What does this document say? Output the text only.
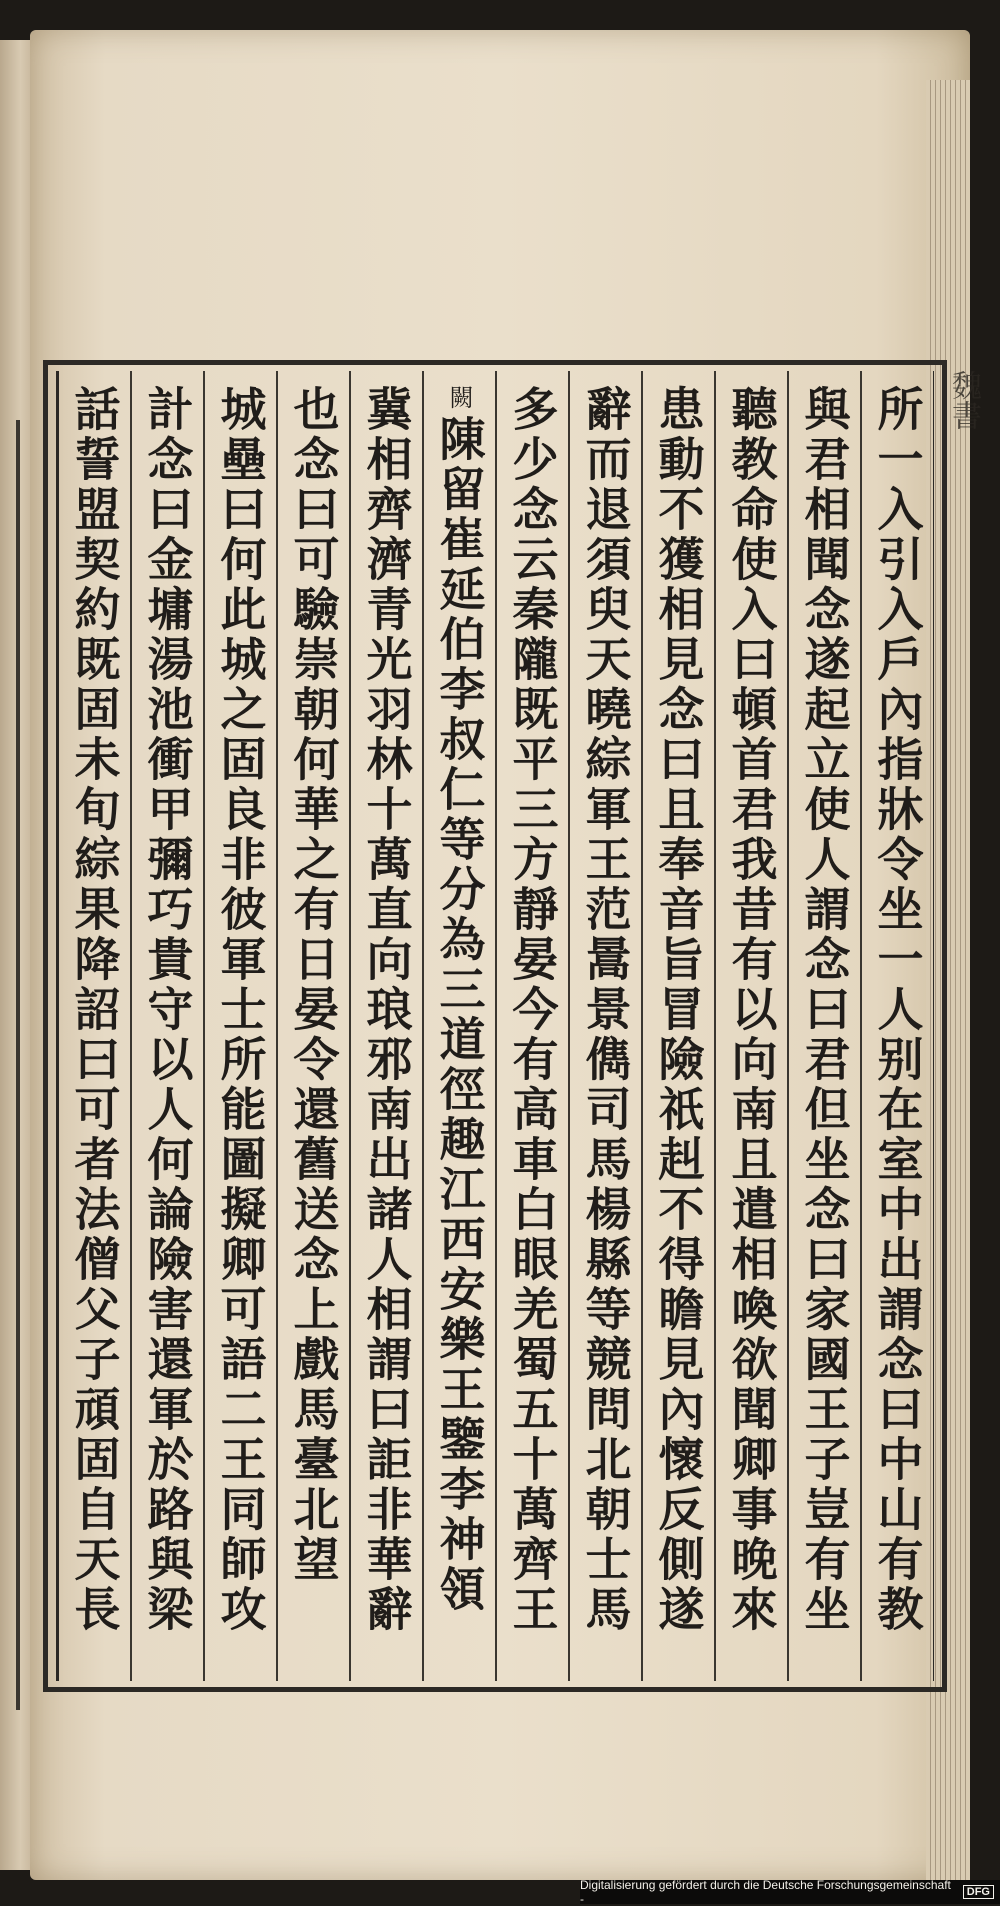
魏書
所一入引入戶內指牀令坐一人别在室中出謂念曰中山有教
與君相聞念遂起立使人謂念曰君但坐念曰家國王子豈有坐
聽教命使入曰頓首君我昔有以向南且遣相喚欲聞卿事晚來
患動不獲相見念曰且奉音旨冒險祇赳不得瞻見內懷反側遂
辭而退須臾天曉綜軍王范暠景儁司馬楊縣等競問北朝士馬
多少念云秦隴既平三方靜晏今有高車白眼羌蜀五十萬齊王
闕
陳留崔延伯李叔仁等分為三道徑趣江西安樂王鑒李神領
冀相齊濟青光羽林十萬直向琅邪南出諸人相謂曰詎非華辭
也念曰可驗崇朝何華之有日晏令還舊送念上戲馬臺北望
城壘曰何此城之固良非彼軍士所能圖擬卿可語二王同師攻
計念曰金墉湯池衝甲彌巧貴守以人何論險害還軍於路與梁
話誓盟契約既固未旬綜果降詔曰可者法僧父子頑固自天長
Digitalisierung gefördert durch die Deutsche Forschungsgemeinschaft -	DFG
